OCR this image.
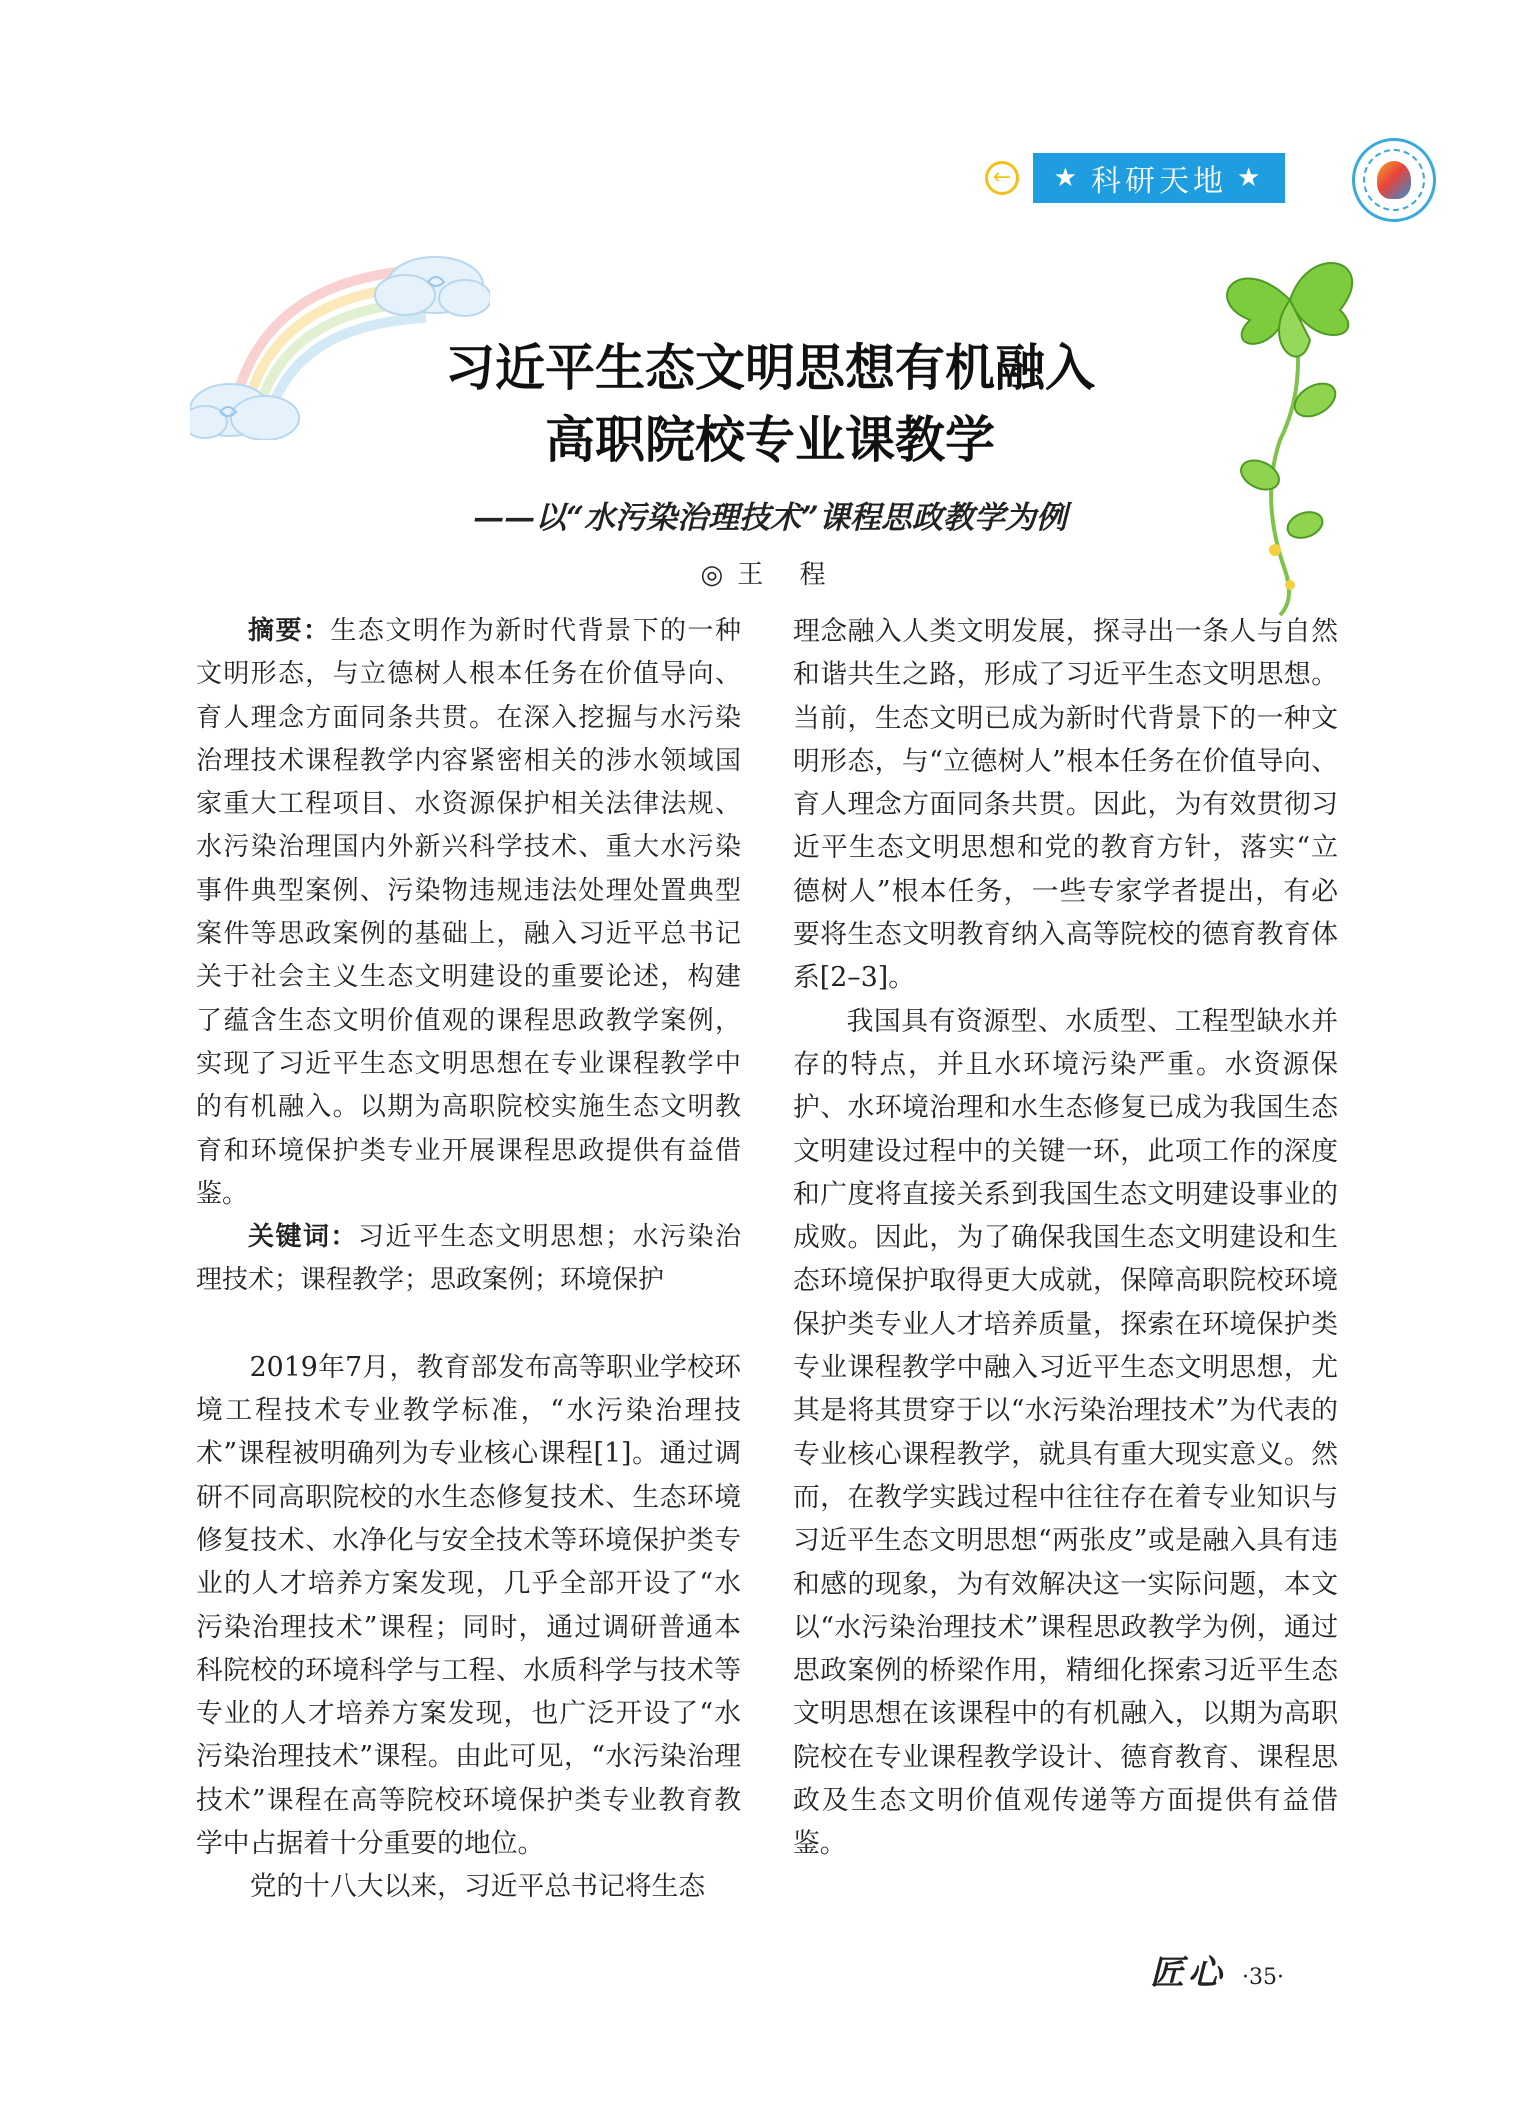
← ★ 科研天地 ★
习近平生态文明思想有机融入
高职院校专业课教学
——以“水污染治理技术”课程思政教学为例
◎王 程

摘要：生态文明作为新时代背景下的一种文明形态，与立德树人根本任务在价值导向、育人理念方面同条共贯。在深入挖掘与水污染治理技术课程教学内容紧密相关的涉水领域国家重大工程项目、水资源保护相关法律法规、水污染治理国内外新兴科学技术、重大水污染事件典型案例、污染物违规违法处理处置典型案件等思政案例的基础上，融入习近平总书记关于社会主义生态文明建设的重要论述，构建了蕴含生态文明价值观的课程思政教学案例，实现了习近平生态文明思想在专业课程教学中的有机融入。以期为高职院校实施生态文明教育和环境保护类专业开展课程思政提供有益借鉴。

关键词：习近平生态文明思想；水污染治理技术；课程教学；思政案例；环境保护

2019年7月，教育部发布高等职业学校环境工程技术专业教学标准，“水污染治理技术”课程被明确列为专业核心课程[1]。通过调研不同高职院校的水生态修复技术、生态环境修复技术、水净化与安全技术等环境保护类专业的人才培养方案发现，几乎全部开设了“水污染治理技术”课程；同时，通过调研普通本科院校的环境科学与工程、水质科学与技术等专业的人才培养方案发现，也广泛开设了“水污染治理技术”课程。由此可见，“水污染治理技术”课程在高等院校环境保护类专业教育教学中占据着十分重要的地位。

党的十八大以来，习近平总书记将生态

理念融入人类文明发展，探寻出一条人与自然和谐共生之路，形成了习近平生态文明思想。当前，生态文明已成为新时代背景下的一种文明形态，与“立德树人”根本任务在价值导向、育人理念方面同条共贯。因此，为有效贯彻习近平生态文明思想和党的教育方针，落实“立德树人”根本任务，一些专家学者提出，有必要将生态文明教育纳入高等院校的德育教育体系[2–3]。

我国具有资源型、水质型、工程型缺水并存的特点，并且水环境污染严重。水资源保护、水环境治理和水生态修复已成为我国生态文明建设过程中的关键一环，此项工作的深度和广度将直接关系到我国生态文明建设事业的成败。因此，为了确保我国生态文明建设和生态环境保护取得更大成就，保障高职院校环境保护类专业人才培养质量，探索在环境保护类专业课程教学中融入习近平生态文明思想，尤其是将其贯穿于以“水污染治理技术”为代表的专业核心课程教学，就具有重大现实意义。然而，在教学实践过程中往往存在着专业知识与习近平生态文明思想“两张皮”或是融入具有违和感的现象，为有效解决这一实际问题，本文以“水污染治理技术”课程思政教学为例，通过思政案例的桥梁作用，精细化探索习近平生态文明思想在该课程中的有机融入，以期为高职院校在专业课程教学设计、德育教育、课程思政及生态文明价值观传递等方面提供有益借鉴。

匠心 ·35·
